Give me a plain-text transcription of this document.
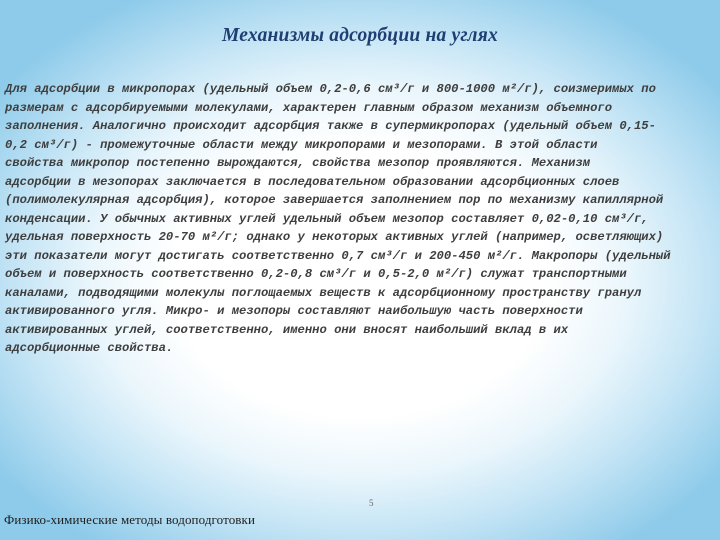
Механизмы адсорбции на углях
Для адсорбции в микропорах (удельный объем 0,2-0,6 см³/г и 800-1000 м²/г), соизмеримых по
размерам с адсорбируемыми молекулами, характерен главным образом механизм объемного
заполнения. Аналогично происходит адсорбция также в супермикропорах (удельный объем 0,15-
0,2 см³/г) - промежуточные области между микропорами и мезопорами. В этой области
свойства микропор постепенно вырождаются, свойства мезопор проявляются. Механизм
адсорбции в мезопорах заключается в последовательном образовании адсорбционных слоев
(полимолекулярная адсорбция), которое завершается заполнением пор по механизму капиллярной
конденсации. У обычных активных углей удельный объем мезопор составляет 0,02-0,10 см³/г,
удельная поверхность 20-70 м²/г; однако у некоторых активных углей (например, осветляющих)
эти показатели могут достигать соответственно 0,7 см³/г и 200-450 м²/г. Макропоры (удельный
объем и поверхность соответственно 0,2-0,8 см³/г и 0,5-2,0 м²/г) служат транспортными
каналами, подводящими молекулы поглощаемых веществ к адсорбционному пространству гранул
активированного угля. Микро- и мезопоры составляют наибольшую часть поверхности
активированных углей, соответственно, именно они вносят наибольший вклад в их
адсорбционные свойства.
5
Физико-химические методы водоподготовки
